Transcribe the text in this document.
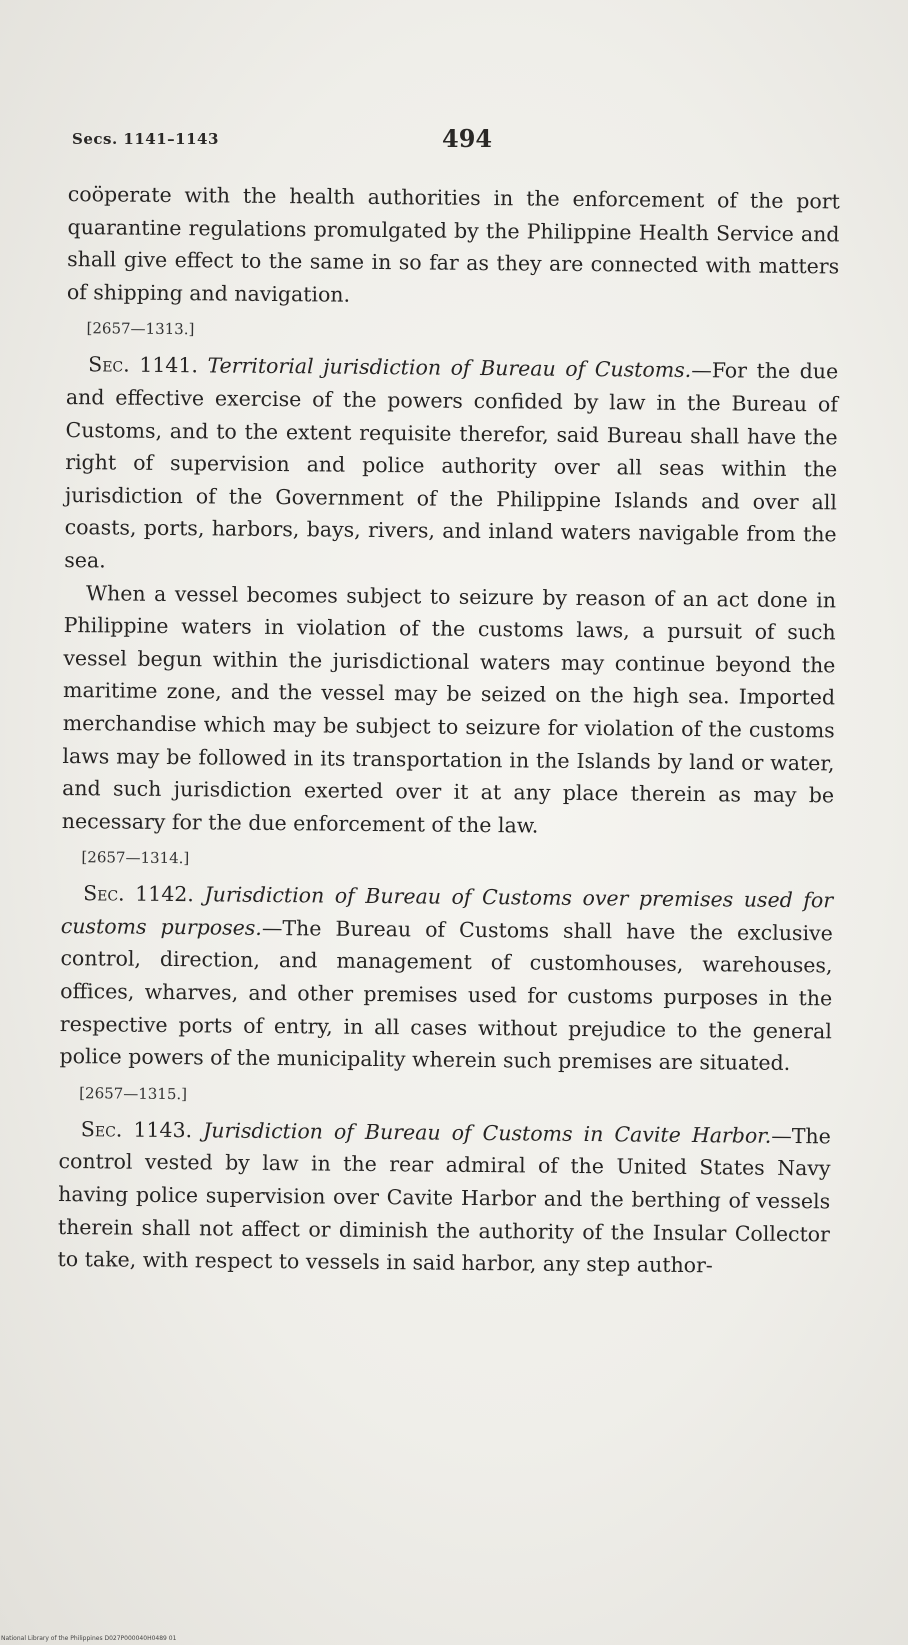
Secs. 1141–1143	494

coöperate with the health authorities in the enforcement of the port quarantine regulations promulgated by the Philippine Health Service and shall give effect to the same in so far as they are connected with matters of shipping and navigation.

[2657—1313.]

Sec. 1141. Territorial jurisdiction of Bureau of Customs.—For the due and effective exercise of the powers confided by law in the Bureau of Customs, and to the extent requisite therefor, said Bureau shall have the right of supervision and police authority over all seas within the jurisdiction of the Government of the Philippine Islands and over all coasts, ports, harbors, bays, rivers, and inland waters navigable from the sea.

When a vessel becomes subject to seizure by reason of an act done in Philippine waters in violation of the customs laws, a pursuit of such vessel begun within the jurisdictional waters may continue beyond the maritime zone, and the vessel may be seized on the high sea. Imported merchandise which may be subject to seizure for violation of the customs laws may be followed in its transportation in the Islands by land or water, and such jurisdiction exerted over it at any place therein as may be necessary for the due enforcement of the law.

[2657—1314.]

Sec. 1142. Jurisdiction of Bureau of Customs over premises used for customs purposes.—The Bureau of Customs shall have the exclusive control, direction, and management of customhouses, warehouses, offices, wharves, and other premises used for customs purposes in the respective ports of entry, in all cases without prejudice to the general police powers of the municipality wherein such premises are situated.

[2657—1315.]

Sec. 1143. Jurisdiction of Bureau of Customs in Cavite Harbor.—The control vested by law in the rear admiral of the United States Navy having police supervision over Cavite Harbor and the berthing of vessels therein shall not affect or diminish the authority of the Insular Collector to take, with respect to vessels in said harbor, any step author-

National Library of the Philippines D027P000040H0489 01
